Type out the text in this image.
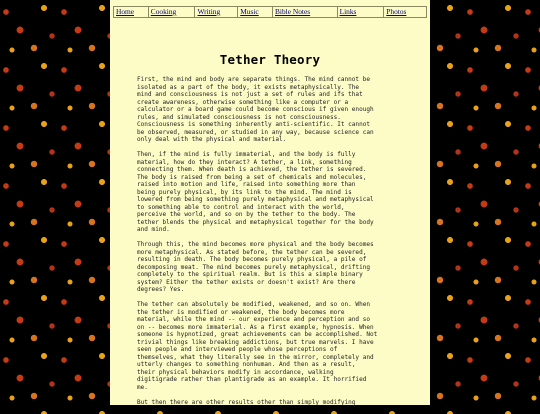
Home	Cooking	Writing	Music	Bible Notes	Links	Photos
Tether Theory

First, the mind and body are separate things. The mind cannot be
isolated as a part of the body, it exists metaphysically. The
mind and consciousness is not just a set of rules and ifs that
create awareness, otherwise something like a computer or a
calculator or a board game could become conscious if given enough
rules, and simulated consciousness is not consciousness.
Consciousness is something inherently anti-scientific. It cannot
be observed, measured, or studied in any way, because science can
only deal with the physical and material.

Then, if the mind is fully immaterial, and the body is fully
material, how do they interact? A tether, a link, something
connecting them. When death is achieved, the tether is severed.
The body is raised from being a set of chemicals and molecules,
raised into motion and life, raised into something more than
being purely physical, by its link to the mind. The mind is
lowered from being something purely metaphysical and metaphysical
to something able to control and interact with the world,
perceive the world, and so on by the tether to the body. The
tether blends the physical and metaphysical together for the body
and mind.

Through this, the mind becomes more physical and the body becomes
more metaphysical. As stated before, the tether can be severed,
resulting in death. The body becomes purely physical, a pile of
decomposing meat. The mind becomes purely metaphysical, drifting
completely to the spiritual realm. But is this a simple binary
system? Either the tether exists or doesn't exist? Are there
degrees? Yes.

The tether can absolutely be modified, weakened, and so on. When
the tether is modified or weakened, the body becomes more
material, while the mind -- our experience and perception and so
on -- becomes more immaterial. As a first example, hypnosis. When
someone is hypnotized, great achievements can be accomplished. Not
trivial things like breaking addictions, but true marvels. I have
seen people and interviewed people whose perceptions of
themselves, what they literally see in the mirror, completely and
utterly changes to something nonhuman. And then as a result,
their physical behaviors modify in accordance, walking
digitigrade rather than plantigrade as an example. It horrified
me.

But then there are other results other than simply modifying
